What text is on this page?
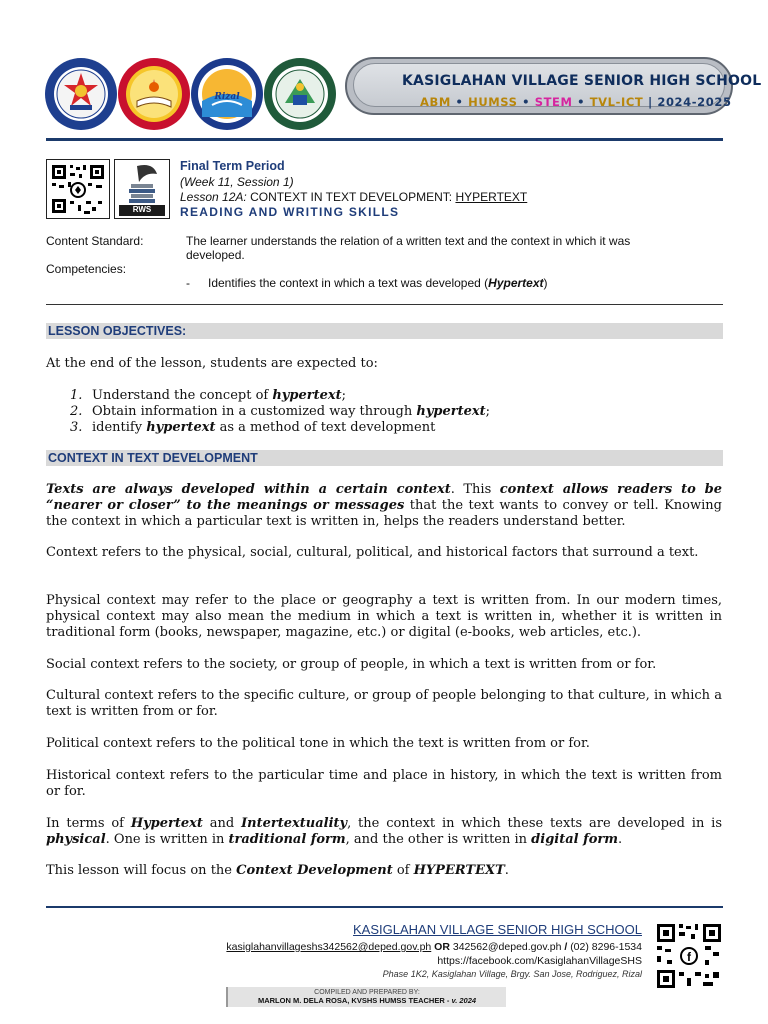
Rizal
KASIGLAHAN VILLAGE SENIOR HIGH SCHOOL
ABM • HUMSS • STEM • TVL-ICT | 2024-2025
RWS
Final Term Period
(Week 11, Session 1)
Lesson 12A: CONTEXT IN TEXT DEVELOPMENT: HYPERTEXT
READING AND WRITING SKILLS
Content Standard:	The learner understands the relation of a written text and the context in which it was developed.
Competencies:
- Identifies the context in which a text was developed (Hypertext)
LESSON OBJECTIVES:
At the end of the lesson, students are expected to:
1. Understand the concept of hypertext;
2. Obtain information in a customized way through hypertext;
3. identify hypertext as a method of text development
CONTEXT IN TEXT DEVELOPMENT

Texts are always developed within a certain context. This context allows readers to be “nearer or closer” to the meanings or messages that the text wants to convey or tell. Knowing the context in which a particular text is written in, helps the readers understand better.

Context refers to the physical, social, cultural, political, and historical factors that surround a text.
Physical context may refer to the place or geography a text is written from. In our modern times, physical context may also mean the medium in which a text is written in, whether it is written in traditional form (books, newspaper, magazine, etc.) or digital (e-books, web articles, etc.).
Social context refers to the society, or group of people, in which a text is written from or for.
Cultural context refers to the specific culture, or group of people belonging to that culture, in which a text is written from or for.
Political context refers to the political tone in which the text is written from or for.
Historical context refers to the particular time and place in history, in which the text is written from or for.

In terms of Hypertext and Intertextuality, the context in which these texts are developed in is physical. One is written in traditional form, and the other is written in digital form.

This lesson will focus on the Context Development of HYPERTEXT.

KASIGLAHAN VILLAGE SENIOR HIGH SCHOOL
kasiglahanvillageshs342562@deped.gov.ph OR 342562@deped.gov.ph / (02) 8296-1534
https://facebook.com/KasiglahanVillageSHS
Phase 1K2, Kasiglahan Village, Brgy. San Jose, Rodriguez, Rizal
f
COMPILED AND PREPARED BY:
MARLON M. DELA ROSA, KVSHS HUMSS TEACHER - v. 2024
